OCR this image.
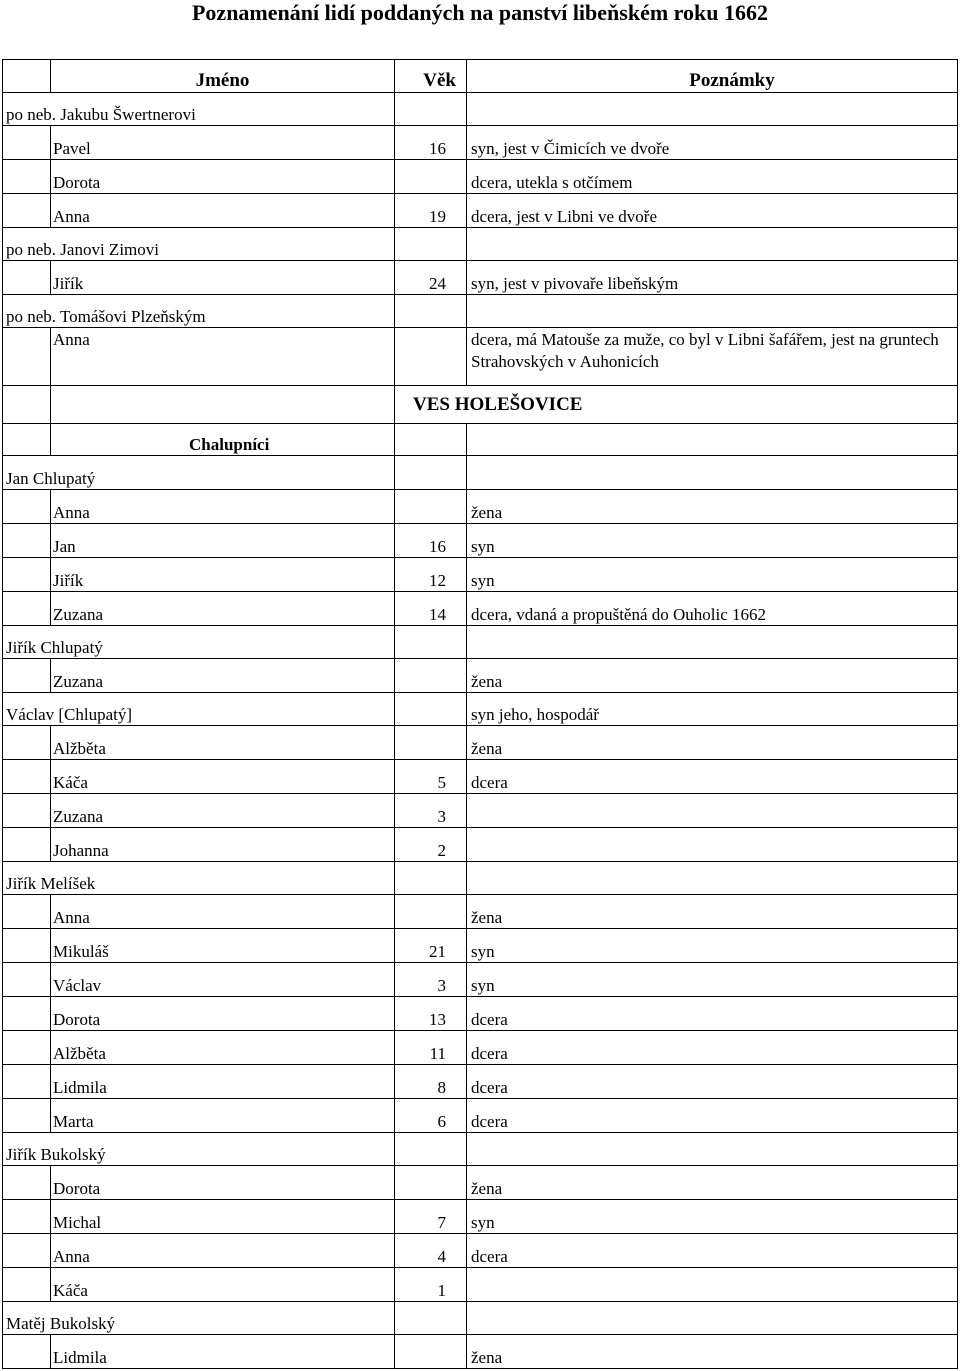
Poznamenání lidí poddaných na panství libeňském roku 1662
	Jméno	Věk	Poznámky
po neb. Jakubu Šwertnerovi			
	Pavel	16	syn, jest v Čimicích ve dvoře
	Dorota		dcera, utekla s otčímem
	Anna	19	dcera, jest v Libni ve dvoře
po neb. Janovi Zimovi			
	Jiřík	24	syn, jest v pivovaře libeňským
po neb. Tomášovi Plzeňským			
	Anna		dcera, má Matouše za muže, co byl v Libni šafářem, jest na gruntech Strahovských v Auhonicích
		VES HOLEŠOVICE	
	Chalupníci		
Jan Chlupatý			
	Anna		žena
	Jan	16	syn
	Jiřík	12	syn
	Zuzana	14	dcera, vdaná a propuštěná do Ouholic 1662
Jiřík Chlupatý			
	Zuzana		žena
Václav [Chlupatý]			syn jeho, hospodář
	Alžběta		žena
	Káča	5	dcera
	Zuzana	3	
	Johanna	2	
Jiřík Melíšek			
	Anna		žena
	Mikuláš	21	syn
	Václav	3	syn
	Dorota	13	dcera
	Alžběta	11	dcera
	Lidmila	8	dcera
	Marta	6	dcera
Jiřík Bukolský			
	Dorota		žena
	Michal	7	syn
	Anna	4	dcera
	Káča	1	
Matěj Bukolský			
	Lidmila		žena
